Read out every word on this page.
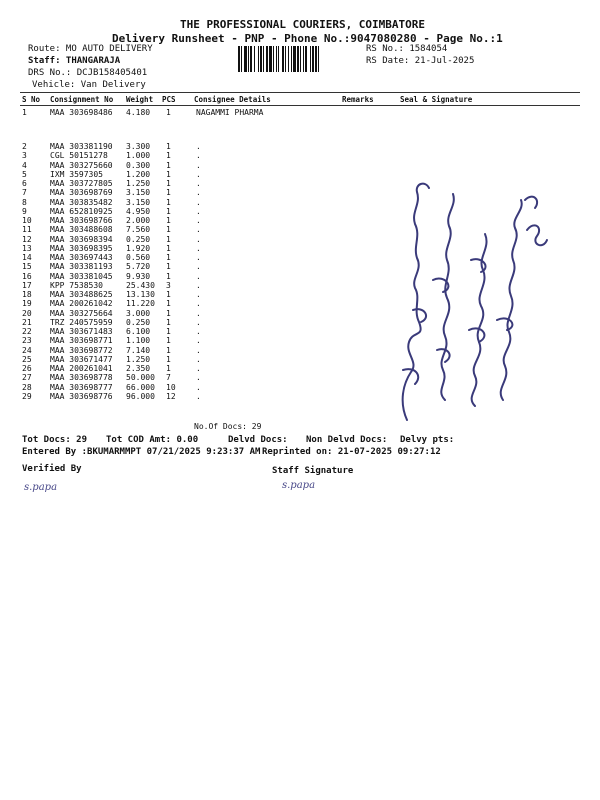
THE PROFESSIONAL COURIERS, COIMBATORE
Delivery Runsheet - PNP - Phone No.:9047080280 - Page No.:1
Route: MO AUTO DELIVERY
Staff: THANGARAJA
DRS No.: DCJB158405401
Vehicle: Van Delivery
RS No.: 1584054
RS Date: 21-Jul-2025
S No Consignment No Weight PCS Consignee Details	Remarks	Seal & Signature
1	MAA 303698486 4.180 1	NAGAMMI PHARMA
2	MAA 303381190 3.300 1	.
3	CGL 50151278 1.000 1	.
4	MAA 303275660 0.300 1	.
5	IXM 3597305	1.200 1	.
6	MAA 303727805 1.250 1	.
7	MAA 303698769 3.150 1	.
8	MAA 303835482 3.150 1	.
9	MAA 652810925 4.950 1	.
10 MAA 303698766 2.000 1	.
11 MAA 303488608 7.560 1	.
12 MAA 303698394 0.250 1	.
13 MAA 303698395 1.920 1	.
14 MAA 303697443 0.560 1	.
15 MAA 303381193 5.720 1	.
16 MAA 303381045 9.930 1	.
17 KPP 7538530	25.430 3	.
18 MAA 303488625 13.130 1	.
19 MAA 200261042 11.220 1	.
20 MAA 303275664 3.000 1	.
21 TRZ 240575959 0.250 1	.
22 MAA 303671483 6.100 1	.
23 MAA 303698771 1.100 1	.
24 MAA 303698772 7.140 1	.
25 MAA 303671477 1.250 1	.
26 MAA 200261041 2.350 1	.
27 MAA 303698778 50.000 7	.
28 MAA 303698777 66.000 10	.
29 MAA 303698776 96.000 12	.
No.Of Docs: 29
Tot Docs: 29 Tot COD Amt: 0.00	Delvd Docs: Non Delvd Docs: Delvy pts:
Entered By :BKUMARMMPT 07/21/2025 9:23:37 AM Reprinted on: 21-07-2025 09:27:12
Verified By	Staff Signature
s.papa	s.papa
